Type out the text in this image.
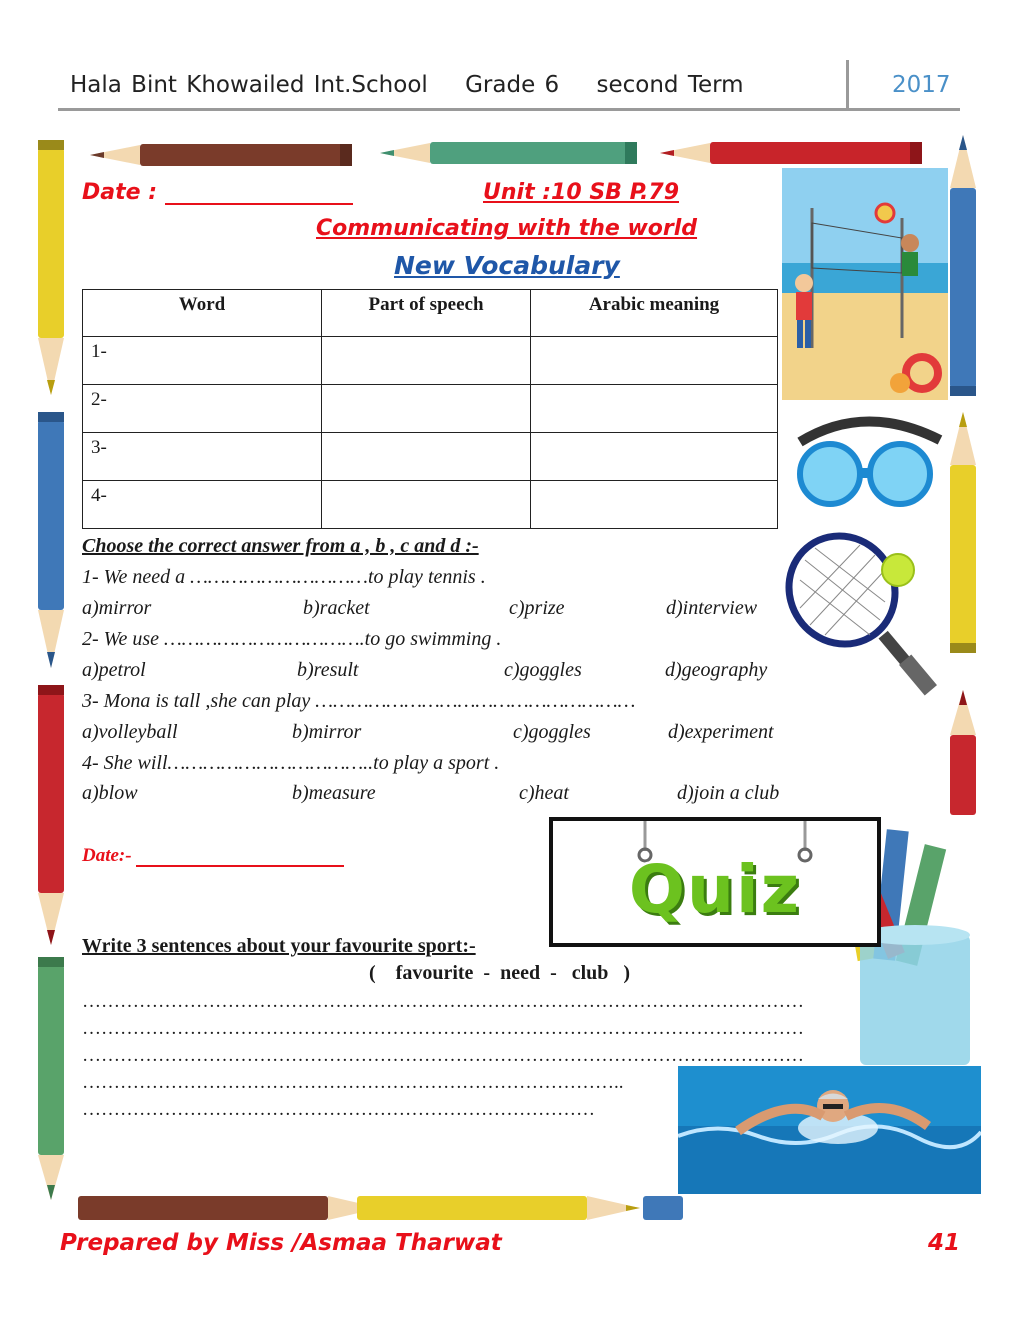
Hala Bint Khowailed Int.School Grade 6 second Term	2017
Date :	Unit :10 SB P.79
Communicating with the world
New Vocabulary
Word	Part of speech	Arabic meaning
1-		
2-		
3-		
4-		
Choose the correct answer from a , b , c and d :-
1- We need a …………………………to play tennis .
a)mirror	b)racket	c)prize	d)interview
2- We use …………………………….to go swimming .
a)petrol	b)result	c)goggles	d)geography
3- Mona is tall ,she can play ………………………………………………
a)volleyball	b)mirror	c)goggles	d)experiment
4- She will……………………………..to play a sport .
a)blow	b)measure	c)heat	d)join a club
Date:-	Quiz
Write 3 sentences about your favourite sport:-
(    favourite  -  need  -   club   )
……………………………………………………………………………………………………
……………………………………………………………………………………………………
……………………………………………………………………………………………………
…………………………………………………………………………..
………………………………………………………………………
Prepared by Miss /Asmaa Tharwat	41
